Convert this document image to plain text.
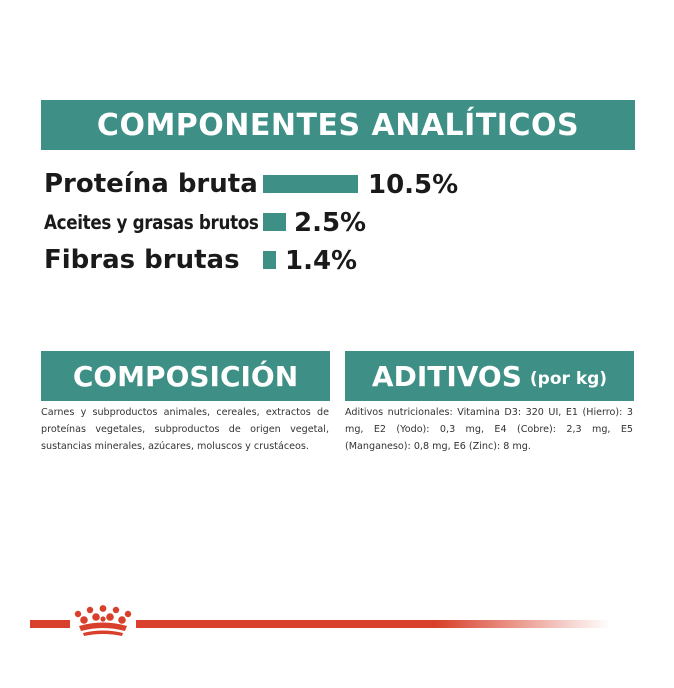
COMPONENTES ANALÍTICOS
Proteína bruta	10.5%
Aceites y grasas brutos 2.5%
Fibras brutas 1.4%
COMPOSICIÓN

Carnes y subproductos animales, cereales, extractos de proteínas vegetales, subproductos de origen vegetal, sustancias minerales, azúcares, moluscos y crustáceos.

ADITIVOS (por kg)

Aditivos nutricionales: Vitamina D3: 320 UI, E1 (Hierro): 3 mg, E2 (Yodo): 0,3 mg, E4 (Cobre): 2,3 mg, E5 (Manganeso): 0,8 mg, E6 (Zinc): 8 mg.
